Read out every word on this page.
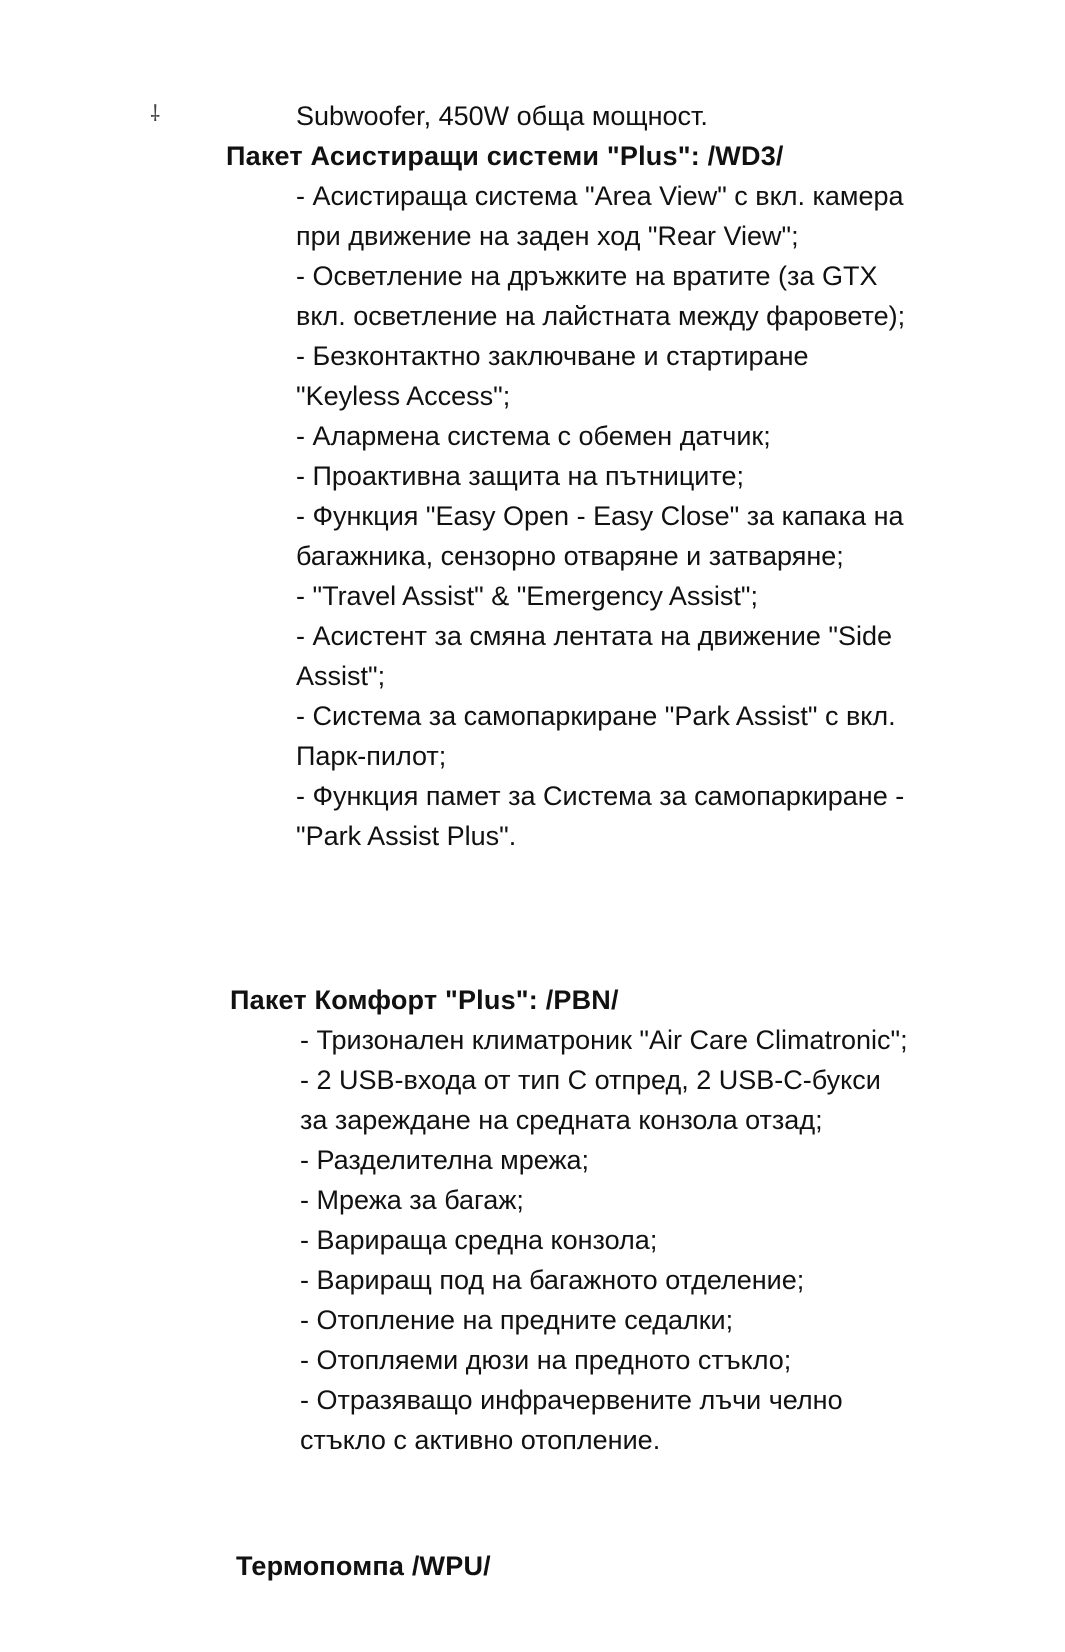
⸸	Subwoofer, 450W обща мощност.
Пакет Асистиращи системи "Plus": /WD3/
- Асистираща система "Area View" с вкл. камера при движение на заден ход "Rear View";
- Осветление на дръжките на вратите (за GTX вкл. осветление на лайстната между фаровете);
- Безконтактно заключване и стартиране "Keyless Access";
- Алармена система с обемен датчик;
- Проактивна защита на пътниците;
- Функция "Easy Open - Easy Close" за капака на багажника, сензорно отваряне и затваряне;
- "Travel Assist" & "Emergency Assist";
- Асистент за смяна лентата на движение "Side Assist";
- Система за самопаркиране "Park Assist" с вкл. Парк-пилот;
- Функция памет за Система за самопаркиране - "Park Assist Plus".
Пакет Комфорт "Plus": /PBN/
- Тризонален климатроник "Air Care Climatronic";
- 2 USB-входа от тип С отпред, 2 USB-C-букси за зареждане на средната конзола отзад;
- Разделителна мрежа;
- Мрежа за багаж;
- Варираща средна конзола;
- Вариращ под на багажното отделение;
- Отопление на предните седалки;
- Отопляеми дюзи на предното стъкло;
- Отразяващо инфрачервените лъчи челно стъкло с активно отопление.
Термопомпа /WPU/
